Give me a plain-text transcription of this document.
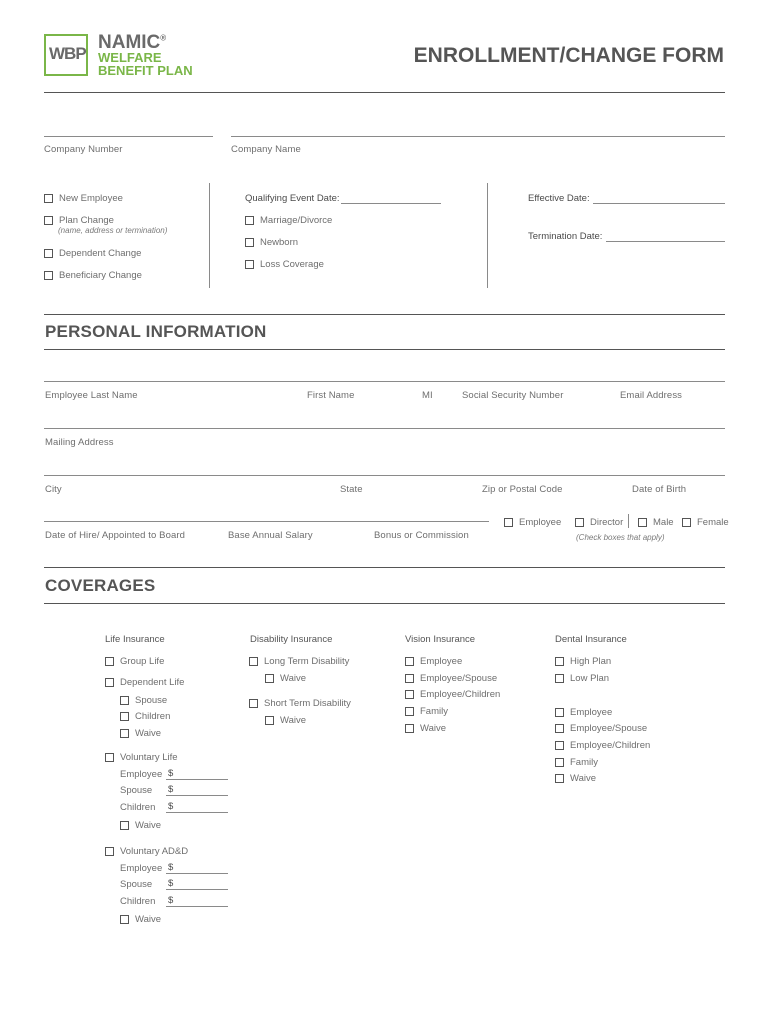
WBP
NAMIC®
WELFARE
BENEFIT PLAN
ENROLLMENT/CHANGE FORM
Company Number	Company Name
New Employee
Plan Change
(name, address or termination)
Dependent Change
Beneficiary Change
Qualifying Event Date:
Marriage/Divorce
Newborn
Loss Coverage
Effective Date:
Termination Date:
PERSONAL INFORMATION
Employee Last Name	First Name	MI	Social Security Number	Email Address
Mailing Address
City	State	Zip or Postal Code	Date of Birth
Date of Hire/ Appointed to Board	Base Annual Salary	Bonus or Commission
Employee	Director
(Check boxes that apply)
Male Female
COVERAGES
Life Insurance
Group Life
Dependent Life
Spouse
Children
Waive
Voluntary Life
Employee $
Spouse	$
Children	$
Waive
Voluntary AD&D
Employee $
Spouse	$
Children	$
Waive
Disability Insurance
Long Term Disability
Waive
Short Term Disability
Waive
Vision Insurance
Employee
Employee/Spouse
Employee/Children
Family
Waive
Dental Insurance
High Plan
Low Plan
Employee
Employee/Spouse
Employee/Children
Family
Waive
